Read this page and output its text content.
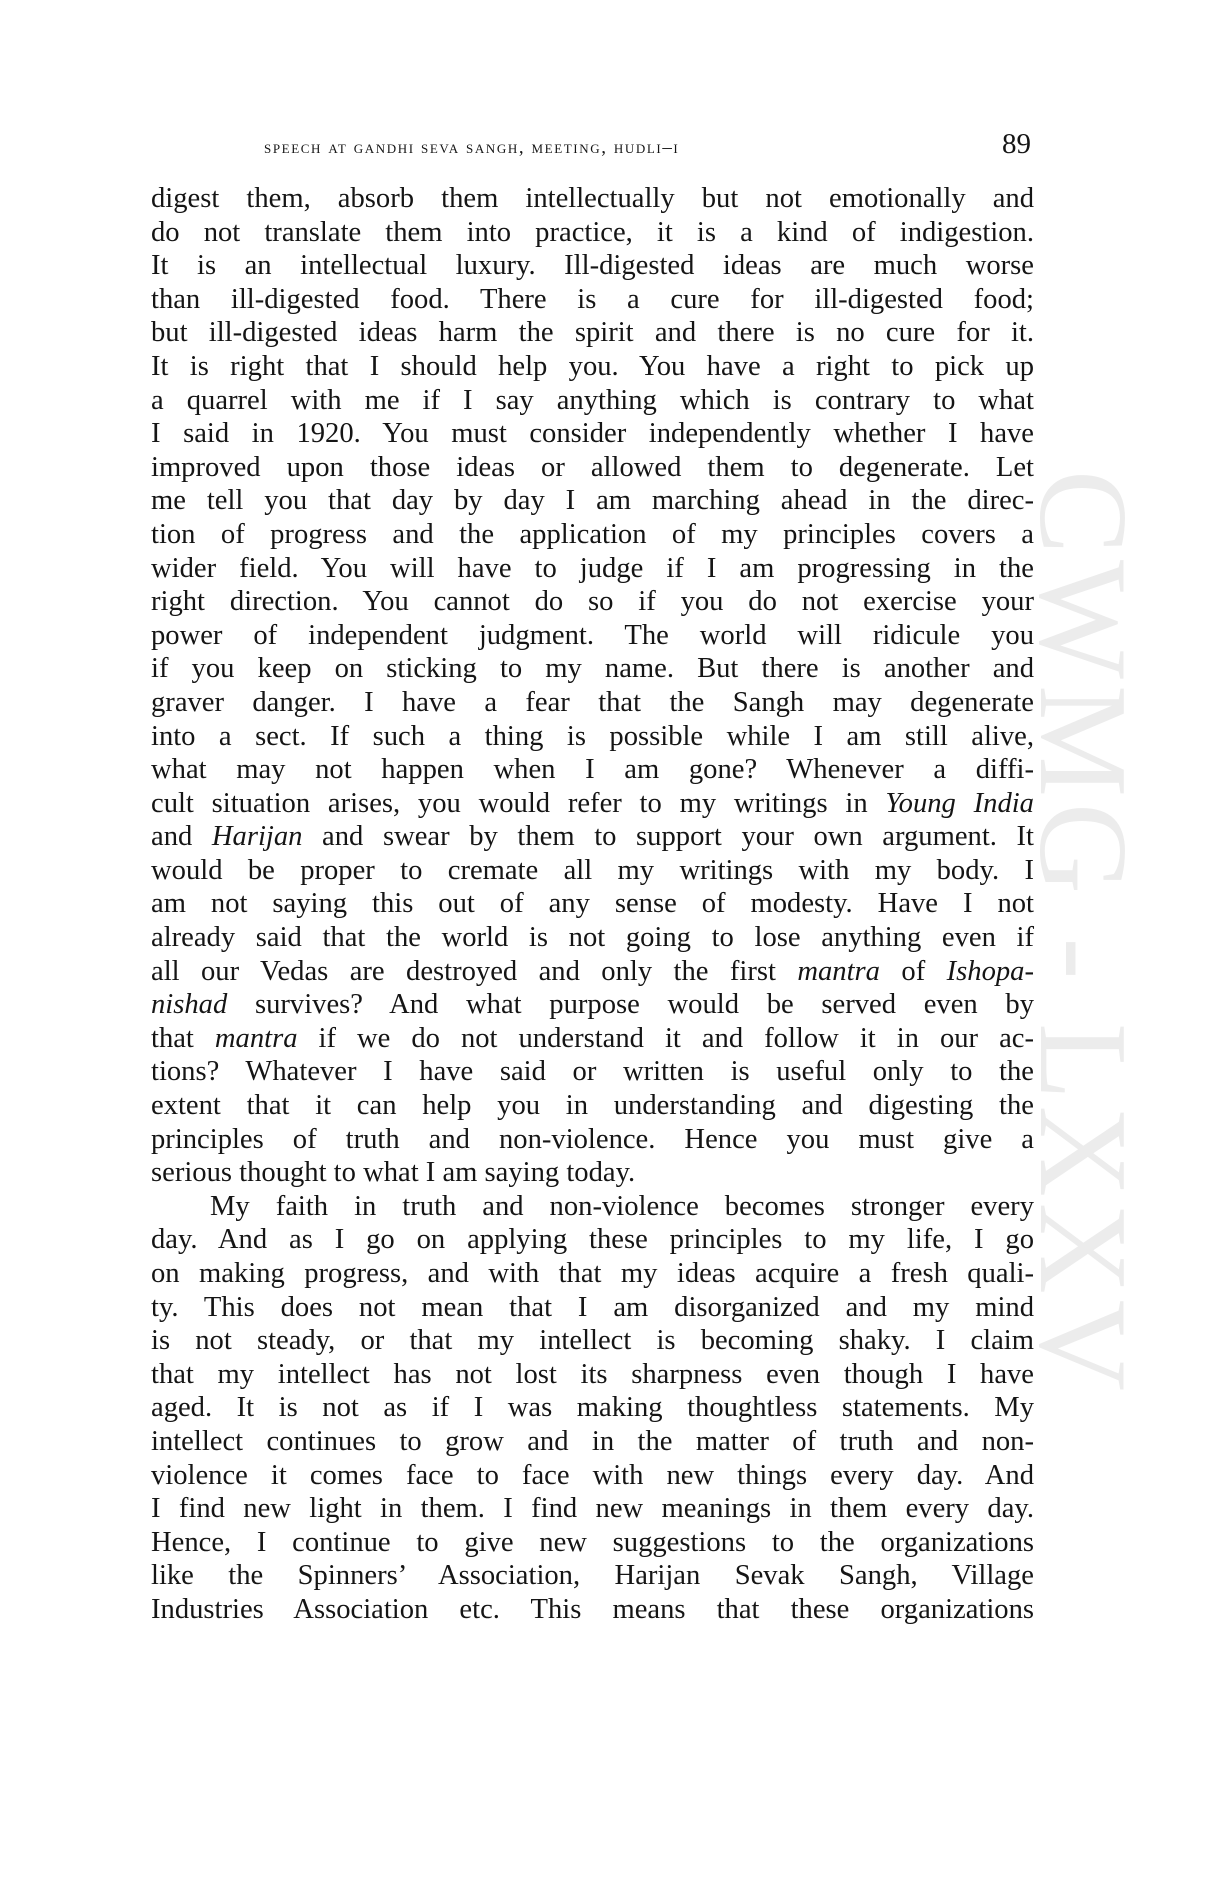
speech at gandhi seva sangh, meeting, hudli–i	89
CWMG - LXXV
digest them, absorb them intellectually but not emotionally and
do not translate them into practice, it is a kind of indigestion.
It is an intellectual luxury. Ill-digested ideas are much worse
than ill-digested food. There is a cure for ill-digested food;
but ill-digested ideas harm the spirit and there is no cure for it.
It is right that I should help you. You have a right to pick up
a quarrel with me if I say anything which is contrary to what
I said in 1920. You must consider independently whether I have
improved upon those ideas or allowed them to degenerate. Let
me tell you that day by day I am marching ahead in the direc-
tion of progress and the application of my principles covers a
wider field. You will have to judge if I am progressing in the
right direction. You cannot do so if you do not exercise your
power of independent judgment. The world will ridicule you
if you keep on sticking to my name. But there is another and
graver danger. I have a fear that the Sangh may degenerate
into a sect. If such a thing is possible while I am still alive,
what may not happen when I am gone? Whenever a diffi-
cult situation arises, you would refer to my writings in Young India
and Harijan and swear by them to support your own argument. It
would be proper to cremate all my writings with my body. I
am not saying this out of any sense of modesty. Have I not
already said that the world is not going to lose anything even if
all our Vedas are destroyed and only the first mantra of Ishopa-
nishad survives? And what purpose would be served even by
that mantra if we do not understand it and follow it in our ac-
tions? Whatever I have said or written is useful only to the
extent that it can help you in understanding and digesting the
principles of truth and non-violence. Hence you must give a
serious thought to what I am saying today.
My faith in truth and non-violence becomes stronger every
day. And as I go on applying these principles to my life, I go
on making progress, and with that my ideas acquire a fresh quali-
ty. This does not mean that I am disorganized and my mind
is not steady, or that my intellect is becoming shaky. I claim
that my intellect has not lost its sharpness even though I have
aged. It is not as if I was making thoughtless statements. My
intellect continues to grow and in the matter of truth and non-
violence it comes face to face with new things every day. And
I find new light in them. I find new meanings in them every day.
Hence, I continue to give new suggestions to the organizations
like the Spinners’ Association, Harijan Sevak Sangh, Village
Industries Association etc. This means that these organizations
